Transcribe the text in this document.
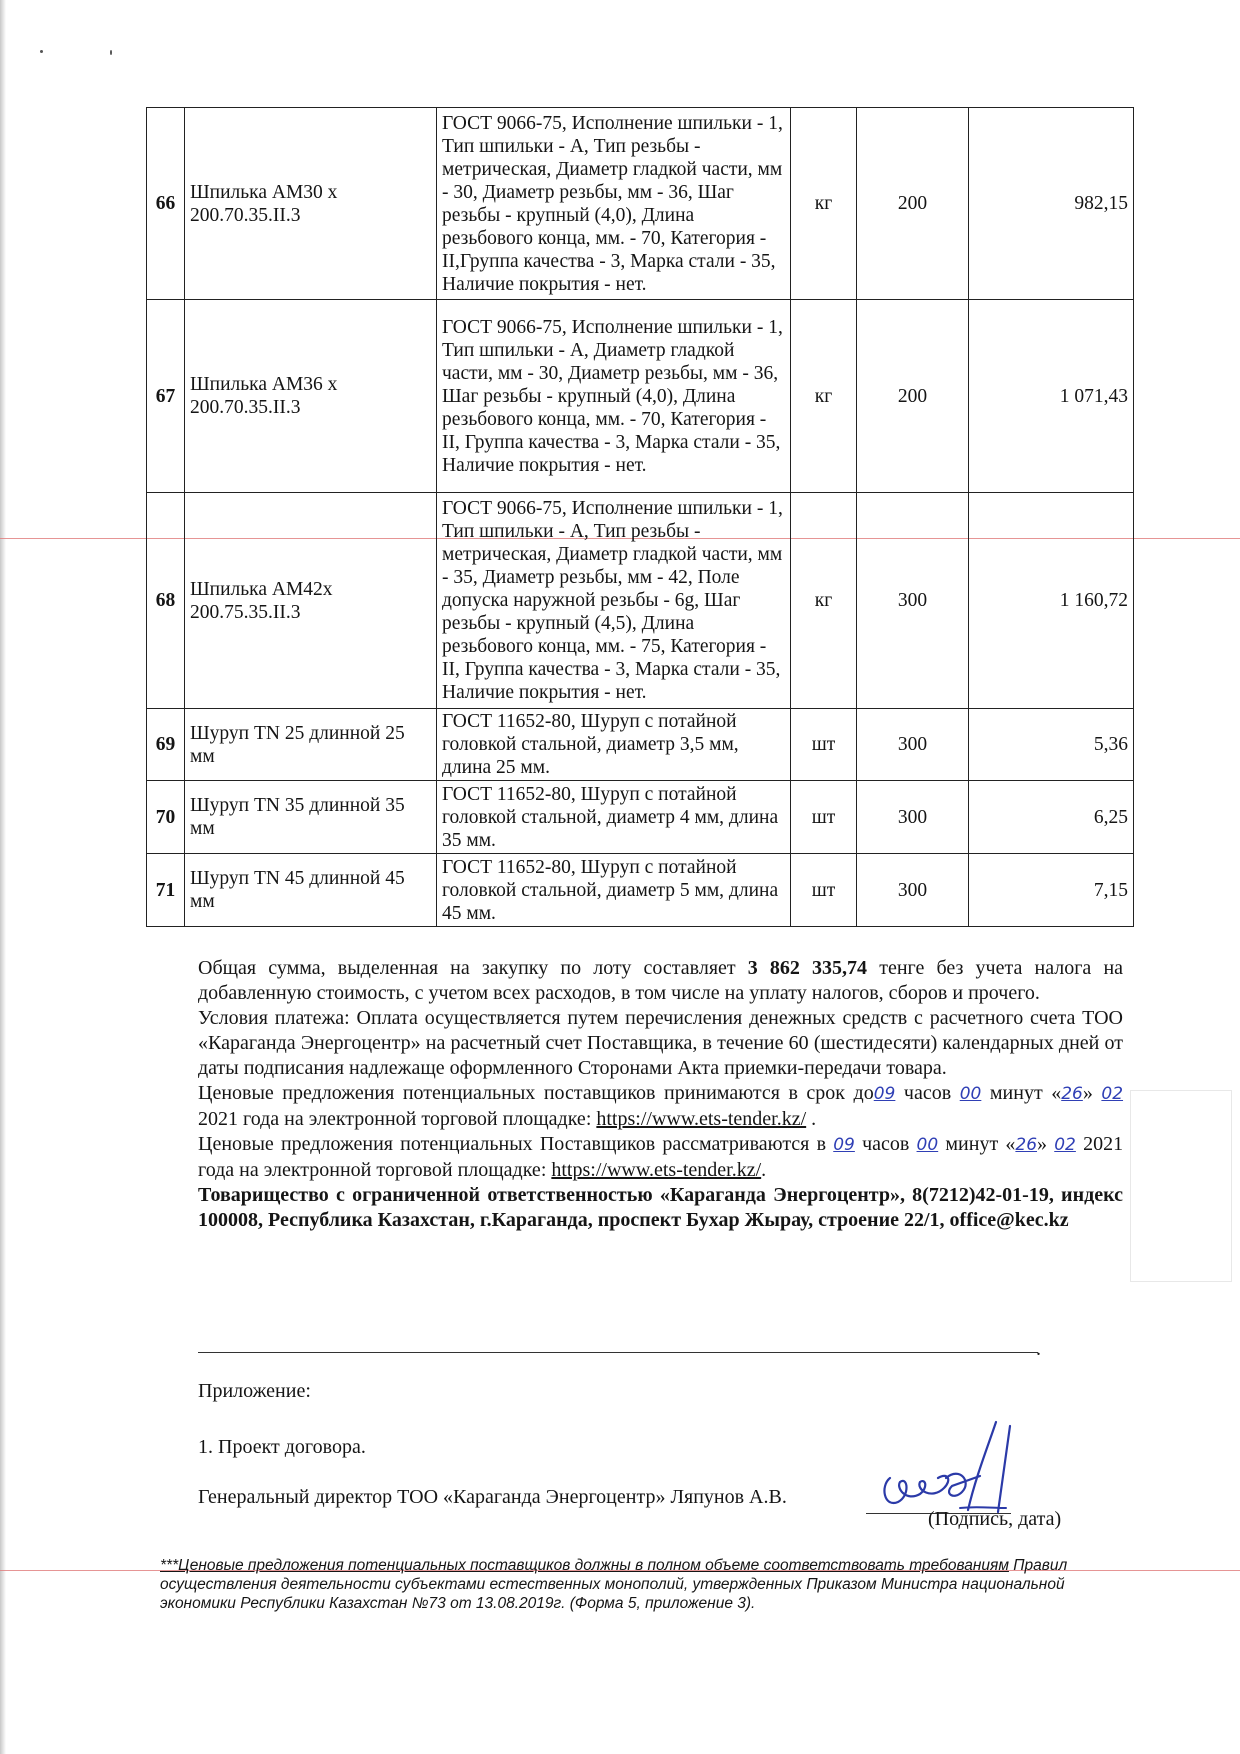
66	Шпилька АМ30 х 200.70.35.II.3	ГОСТ 9066-75, Исполнение шпильки - 1, Тип шпильки - А, Тип резьбы - метрическая, Диаметр гладкой части, мм - 30, Диаметр резьбы, мм - 36, Шаг резьбы - крупный (4,0), Длина резьбового конца, мм. - 70, Категория - II,Группа качества - 3, Марка стали - 35, Наличие покрытия - нет.	кг	200	982,15
67	Шпилька АМ36 х 200.70.35.II.3	ГОСТ 9066-75, Исполнение шпильки - 1, Тип шпильки - А, Диаметр гладкой части, мм - 30, Диаметр резьбы, мм - 36, Шаг резьбы - крупный (4,0), Длина резьбового конца, мм. - 70, Категория - II, Группа качества - 3, Марка стали - 35, Наличие покрытия - нет.	кг	200	1 071,43
68	Шпилька АМ42х 200.75.35.II.3	ГОСТ 9066-75, Исполнение шпильки - 1, Тип шпильки - А, Тип резьбы - метрическая, Диаметр гладкой части, мм - 35, Диаметр резьбы, мм - 42, Поле допуска наружной резьбы - 6g, Шаг резьбы - крупный (4,5), Длина резьбового конца, мм. - 75, Категория - II, Группа качества - 3, Марка стали - 35, Наличие покрытия - нет.	кг	300	1 160,72
69	Шуруп TN 25 длинной 25 мм	ГОСТ 11652-80, Шуруп с потайной головкой стальной, диаметр 3,5 мм, длина 25 мм.	шт	300	5,36
70	Шуруп TN 35 длинной 35 мм	ГОСТ 11652-80, Шуруп с потайной головкой стальной, диаметр 4 мм, длина 35 мм.	шт	300	6,25
71	Шуруп TN 45 длинной 45 мм	ГОСТ 11652-80, Шуруп с потайной головкой стальной, диаметр 5 мм, длина 45 мм.	шт	300	7,15

Общая сумма, выделенная на закупку по лоту составляет 3 862 335,74 тенге без учета налога на добавленную стоимость, с учетом всех расходов, в том числе на уплату налогов, сборов и прочего.

Условия платежа: Оплата осуществляется путем перечисления денежных средств с расчетного счета ТОО «Караганда Энергоцентр» на расчетный счет Поставщика, в течение 60 (шестидесяти) календарных дней от даты подписания надлежаще оформленного Сторонами Акта приемки-передачи товара.

Ценовые предложения потенциальных поставщиков принимаются в срок до09 часов 00 минут «26» 02 2021 года на электронной торговой площадке: https://www.ets-tender.kz/ .

Ценовые предложения потенциальных Поставщиков рассматриваются в 09 часов 00 минут «26» 02 2021 года на электронной торговой площадке: https://www.ets-tender.kz/.

Товарищество с ограниченной ответственностью «Караганда Энергоцентр», 8(7212)42-01-19, индекс 100008, Республика Казахстан, г.Караганда, проспект Бухар Жырау, строение 22/1, office@kec.kz

.
Приложение:
1. Проект договора.
Генеральный директор ТОО «Караганда Энергоцентр» Ляпунов А.В.
(Подпись, дата)
***Ценовые предложения потенциальных поставщиков должны в полном объеме соответствовать требованиям Правил осуществления деятельности субъектами естественных монополий, утвержденных Приказом Министра национальной экономики Республики Казахстан №73 от 13.08.2019г. (Форма 5, приложение 3).
